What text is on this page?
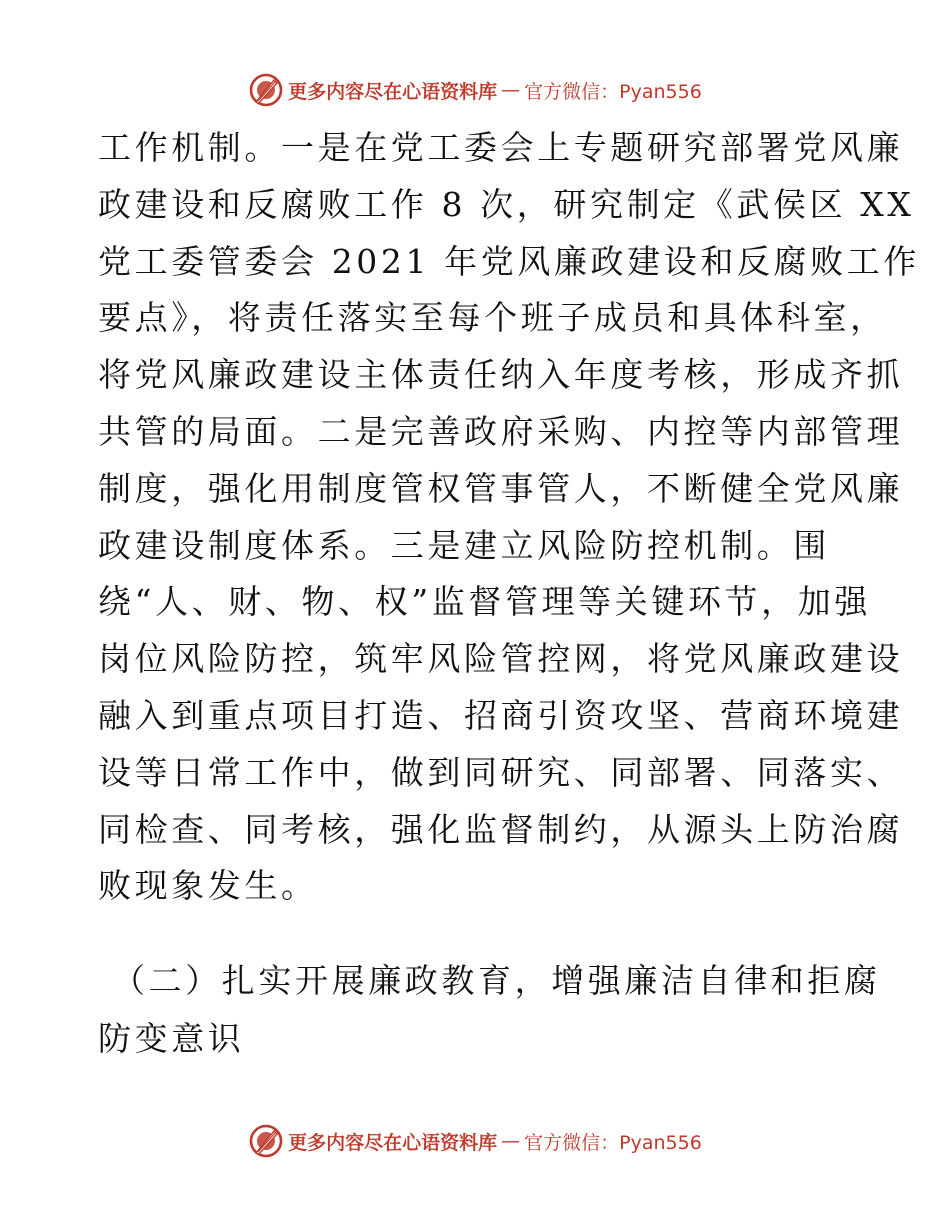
更多内容尽在心语资料库 — 官方微信：Pyan556

工作机制。一是在党工委会上专题研究部署党风廉

政建设和反腐败工作 8 次，研究制定《武侯区 XX

党工委管委会 2021 年党风廉政建设和反腐败工作

要点》，将责任落实至每个班子成员和具体科室，

将党风廉政建设主体责任纳入年度考核，形成齐抓

共管的局面。二是完善政府采购、内控等内部管理

制度，强化用制度管权管事管人，不断健全党风廉

政建设制度体系。三是建立风险防控机制。围

绕“人、财、物、权”监督管理等关键环节，加强

岗位风险防控，筑牢风险管控网，将党风廉政建设

融入到重点项目打造、招商引资攻坚、营商环境建

设等日常工作中，做到同研究、同部署、同落实、

同检查、同考核，强化监督制约，从源头上防治腐

败现象发生。

（二）扎实开展廉政教育，增强廉洁自律和拒腐

防变意识

更多内容尽在心语资料库 — 官方微信：Pyan556
